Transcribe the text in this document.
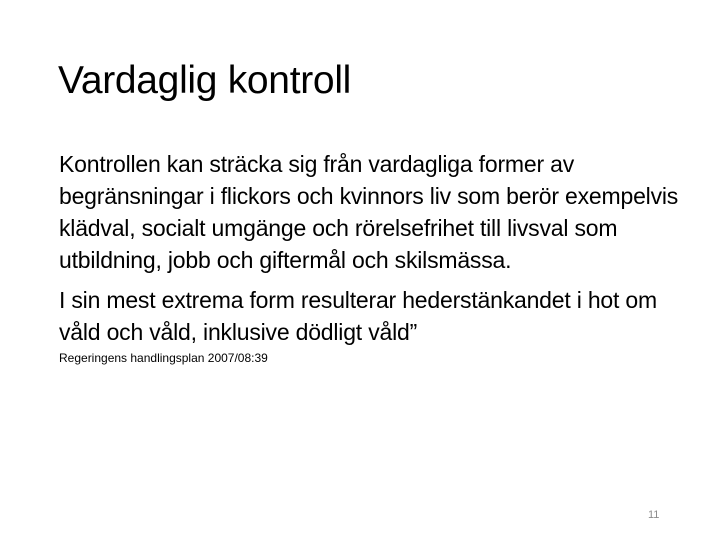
Vardaglig kontroll

Kontrollen kan sträcka sig från vardagliga former av begränsningar i flickors och kvinnors liv som berör exempelvis klädval, socialt umgänge och rörelsefrihet till livsval som utbildning, jobb och giftermål och skilsmässa.

I sin mest extrema form resulterar hederstänkandet i hot om våld och våld, inklusive dödligt våld”

Regeringens handlingsplan 2007/08:39
11
